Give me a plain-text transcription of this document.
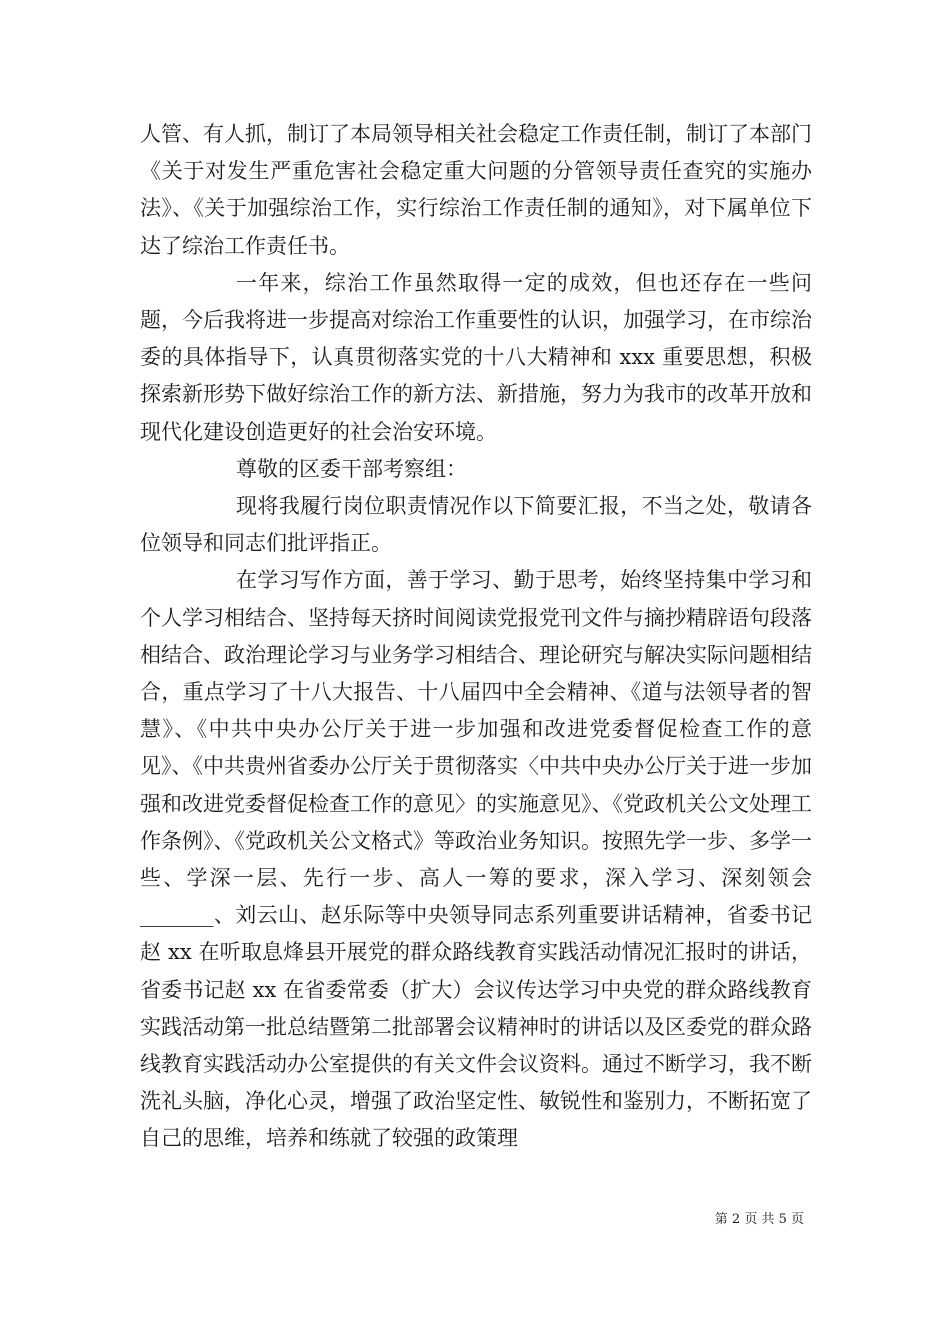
人管、有人抓，制订了本局领导相关社会稳定工作责任制，制订了本部门《关于对发生严重危害社会稳定重大问题的分管领导责任查究的实施办法》、《关于加强综治工作，实行综治工作责任制的通知》，对下属单位下达了综治工作责任书。

一年来，综治工作虽然取得一定的成效，但也还存在一些问题，今后我将进一步提高对综治工作重要性的认识，加强学习，在市综治委的具体指导下，认真贯彻落实党的十八大精神和 xxx 重要思想，积极探索新形势下做好综治工作的新方法、新措施，努力为我市的改革开放和现代化建设创造更好的社会治安环境。

尊敬的区委干部考察组：

现将我履行岗位职责情况作以下简要汇报，不当之处，敬请各位领导和同志们批评指正。

在学习写作方面，善于学习、勤于思考，始终坚持集中学习和个人学习相结合、坚持每天挤时间阅读党报党刊文件与摘抄精辟语句段落相结合、政治理论学习与业务学习相结合、理论研究与解决实际问题相结合，重点学习了十八大报告、十八届四中全会精神、《道与法领导者的智慧》、《中共中央办公厅关于进一步加强和改进党委督促检查工作的意见》、《中共贵州省委办公厅关于贯彻落实〈中共中央办公厅关于进一步加强和改进党委督促检查工作的意见〉的实施意见》、《党政机关公文处理工作条例》、《党政机关公文格式》等政治业务知识。按照先学一步、多学一些、学深一层、先行一步、高人一筹的要求，深入学习、深刻领会_______、刘云山、赵乐际等中央领导同志系列重要讲话精神，省委书记赵 xx 在听取息烽县开展党的群众路线教育实践活动情况汇报时的讲话，省委书记赵 xx 在省委常委（扩大）会议传达学习中央党的群众路线教育实践活动第一批总结暨第二批部署会议精神时的讲话以及区委党的群众路线教育实践活动办公室提供的有关文件会议资料。通过不断学习，我不断洗礼头脑，净化心灵，增强了政治坚定性、敏锐性和鉴别力，不断拓宽了自己的思维，培养和练就了较强的政策理

第 2 页 共 5 页
